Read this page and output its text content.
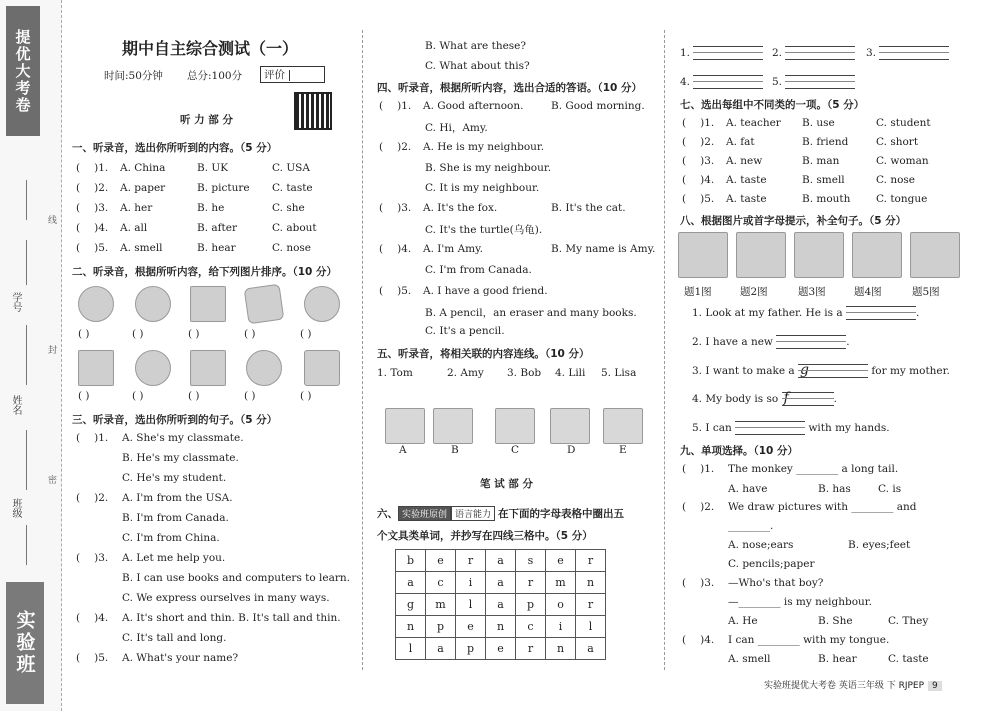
提优大考卷
学号
姓名
班级
线
封
密
实验班
期中自主综合测试（一）
时间:50分钟 总分:100分	评价
听 力 部 分
一、听录音，选出你所听到的内容。（5 分）
( )1. A. China	B. UK	C. USA
( )2. A. paper	B. picture C. taste
( )3. A. her	B. he	C. she
( )4. A. all	B. after	C. about
( )5. A. smell	B. hear	C. nose
二、听录音，根据所听内容，给下列图片排序。（10 分）
( )	( )	( )	( )	( )
( )	( )	( )	( )	( )
三、听录音，选出你所听到的句子。（5 分）
( )1. A. She's my classmate.
B. He's my classmate.
C. He's my student.
( )2. A. I'm from the USA.
B. I'm from Canada.
C. I'm from China.
( )3. A. Let me help you.
B. I can use books and computers to learn.
C. We express ourselves in many ways.
( )4. A. It's short and thin. B. It's tall and thin.
C. It's tall and long.
( )5. A. What's your name?
B. What are these?
C. What about this?
四、听录音，根据所听内容，选出合适的答语。（10 分）
( )1. A. Good afternoon.	B. Good morning.
C. Hi，Amy.
( )2. A. He is my neighbour.
B. She is my neighbour.
C. It is my neighbour.
( )3. A. It's the fox.	B. It's the cat.
C. It's the turtle(乌龟).
( )4. A. I'm Amy.	B. My name is Amy.
C. I'm from Canada.
( )5. A. I have a good friend.
B. A pencil，an eraser and many books.
C. It's a pencil.
五、听录音，将相关联的内容连线。（10 分）
1. Tom	2. Amy 3. Bob 4. Lili 5. Lisa
A	B	C	D	E
笔 试 部 分
六、 实验班原创 语言能力 在下面的字母表格中圈出五
个文具类单词，并抄写在四线三格中。（5 分）
b	e	r	a	s	e	r
a	c	i	a	r	m	n
g	m	l	a	p	o	r
n	p	e	n	c	i	l
l	a	p	e	r	n	a
1.	2.	3.
4.	5.
七、选出每组中不同类的一项。（5 分）
( )1. A. teacher B. use	C. student
( )2. A. fat	B. friend	C. short
( )3. A. new	B. man	C. woman
( )4. A. taste	B. smell	C. nose
( )5. A. taste	B. mouth C. tongue
八、根据图片或首字母提示，补全句子。（5 分）
题1图	题2图	题3图	题4图	题5图
1. Look at my father. He is a	.
2. I have a new	.
3. I want to make a g	for my mother.
4. My body is so f	.
5. I can	with my hands.
九、单项选择。（10 分）
( )1. The monkey ________ a long tail.
A. have	B. has	C. is
( )2. We draw pictures with ________ and
________.
A. nose;ears	B. eyes;feet
C. pencils;paper
( )3. —Who's that boy?
—________ is my neighbour.
A. He	B. She	C. They
( )4. I can ________ with my tongue.
A. smell	B. hear	C. taste
实验班提优大考卷 英语三年级 下 RJPEP 9
